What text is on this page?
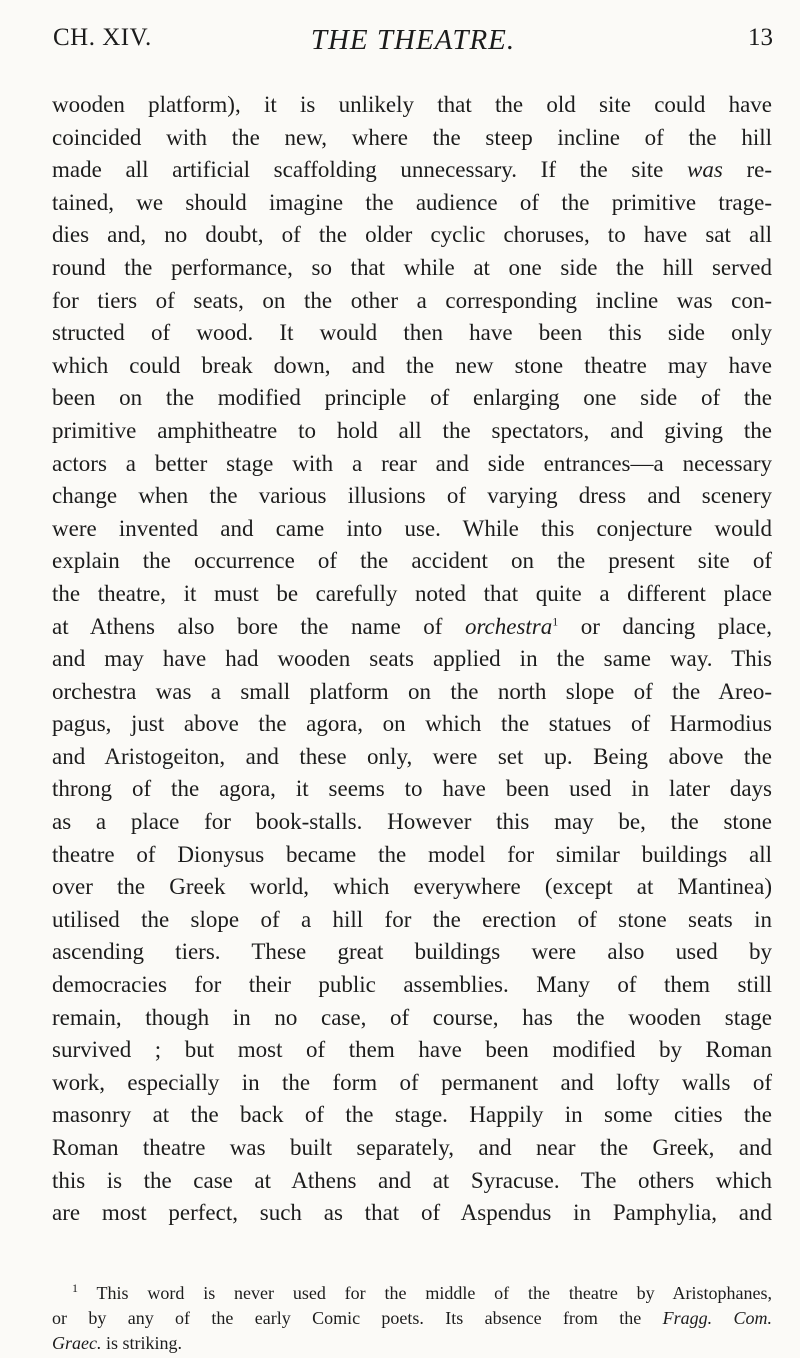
CH. XIV.	THE THEATRE.	13
wooden platform), it is unlikely that the old site could have
coincided with the new, where the steep incline of the hill
made all artificial scaffolding unnecessary. If the site was re-
tained, we should imagine the audience of the primitive trage-
dies and, no doubt, of the older cyclic choruses, to have sat all
round the performance, so that while at one side the hill served
for tiers of seats, on the other a corresponding incline was con-
structed of wood. It would then have been this side only
which could break down, and the new stone theatre may have
been on the modified principle of enlarging one side of the
primitive amphitheatre to hold all the spectators, and giving the
actors a better stage with a rear and side entrances—a necessary
change when the various illusions of varying dress and scenery
were invented and came into use. While this conjecture would
explain the occurrence of the accident on the present site of
the theatre, it must be carefully noted that quite a different place
at Athens also bore the name of orchestra$^1$ or dancing place,
and may have had wooden seats applied in the same way. This
orchestra was a small platform on the north slope of the Areo-
pagus, just above the agora, on which the statues of Harmodius
and Aristogeiton, and these only, were set up. Being above the
throng of the agora, it seems to have been used in later days
as a place for book-stalls. However this may be, the stone
theatre of Dionysus became the model for similar buildings all
over the Greek world, which everywhere (except at Mantinea)
utilised the slope of a hill for the erection of stone seats in
ascending tiers. These great buildings were also used by
democracies for their public assemblies. Many of them still
remain, though in no case, of course, has the wooden stage
survived ; but most of them have been modified by Roman
work, especially in the form of permanent and lofty walls of
masonry at the back of the stage. Happily in some cities the
Roman theatre was built separately, and near the Greek, and
this is the case at Athens and at Syracuse. The others which
are most perfect, such as that of Aspendus in Pamphylia, and
$^1$ This word is never used for the middle of the theatre by Aristophanes,
or by any of the early Comic poets. Its absence from the Fragg. Com.
Graec. is striking.
